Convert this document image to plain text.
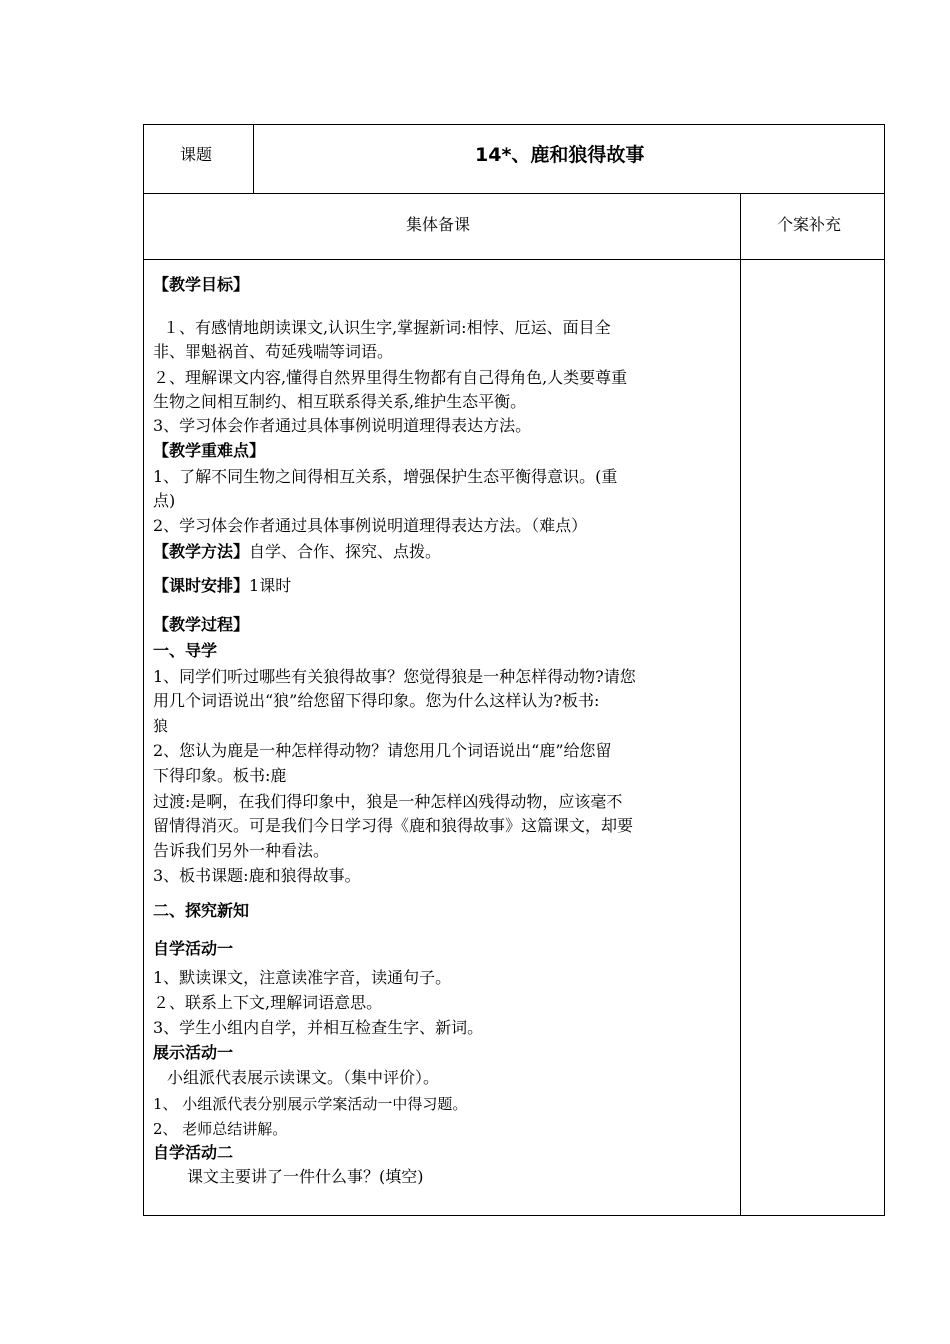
课题	14*、鹿和狼得故事
集体备课	个案补充
【教学目标】
１、有感情地朗读课文,认识生字,掌握新词:相悖、厄运、面目全
非、罪魁祸首、苟延残喘等词语。
２、理解课文内容,懂得自然界里得生物都有自己得角色,人类要尊重
生物之间相互制约、相互联系得关系,维护生态平衡。
3、学习体会作者通过具体事例说明道理得表达方法。
【教学重难点】
1、了解不同生物之间得相互关系，增强保护生态平衡得意识。(重
点)
2、学习体会作者通过具体事例说明道理得表达方法。（难点）
【教学方法】自学、合作、探究、点拨。
【课时安排】1课时
【教学过程】
一、导学
1、同学们听过哪些有关狼得故事？您觉得狼是一种怎样得动物?请您
用几个词语说出“狼”给您留下得印象。您为什么这样认为?板书:
狼
2、您认为鹿是一种怎样得动物？请您用几个词语说出“鹿”给您留
下得印象。板书:鹿
过渡:是啊，在我们得印象中，狼是一种怎样凶残得动物，应该毫不
留情得消灭。可是我们今日学习得《鹿和狼得故事》这篇课文，却要
告诉我们另外一种看法。
3、板书课题:鹿和狼得故事。
二、探究新知
自学活动一
1、默读课文，注意读准字音，读通句子。
２、联系上下文,理解词语意思。
3、学生小组内自学，并相互检查生字、新词。
展示活动一
小组派代表展示读课文。（集中评价）。
1、 小组派代表分别展示学案活动一中得习题。
2、 老师总结讲解。
自学活动二
课文主要讲了一件什么事？(填空)
